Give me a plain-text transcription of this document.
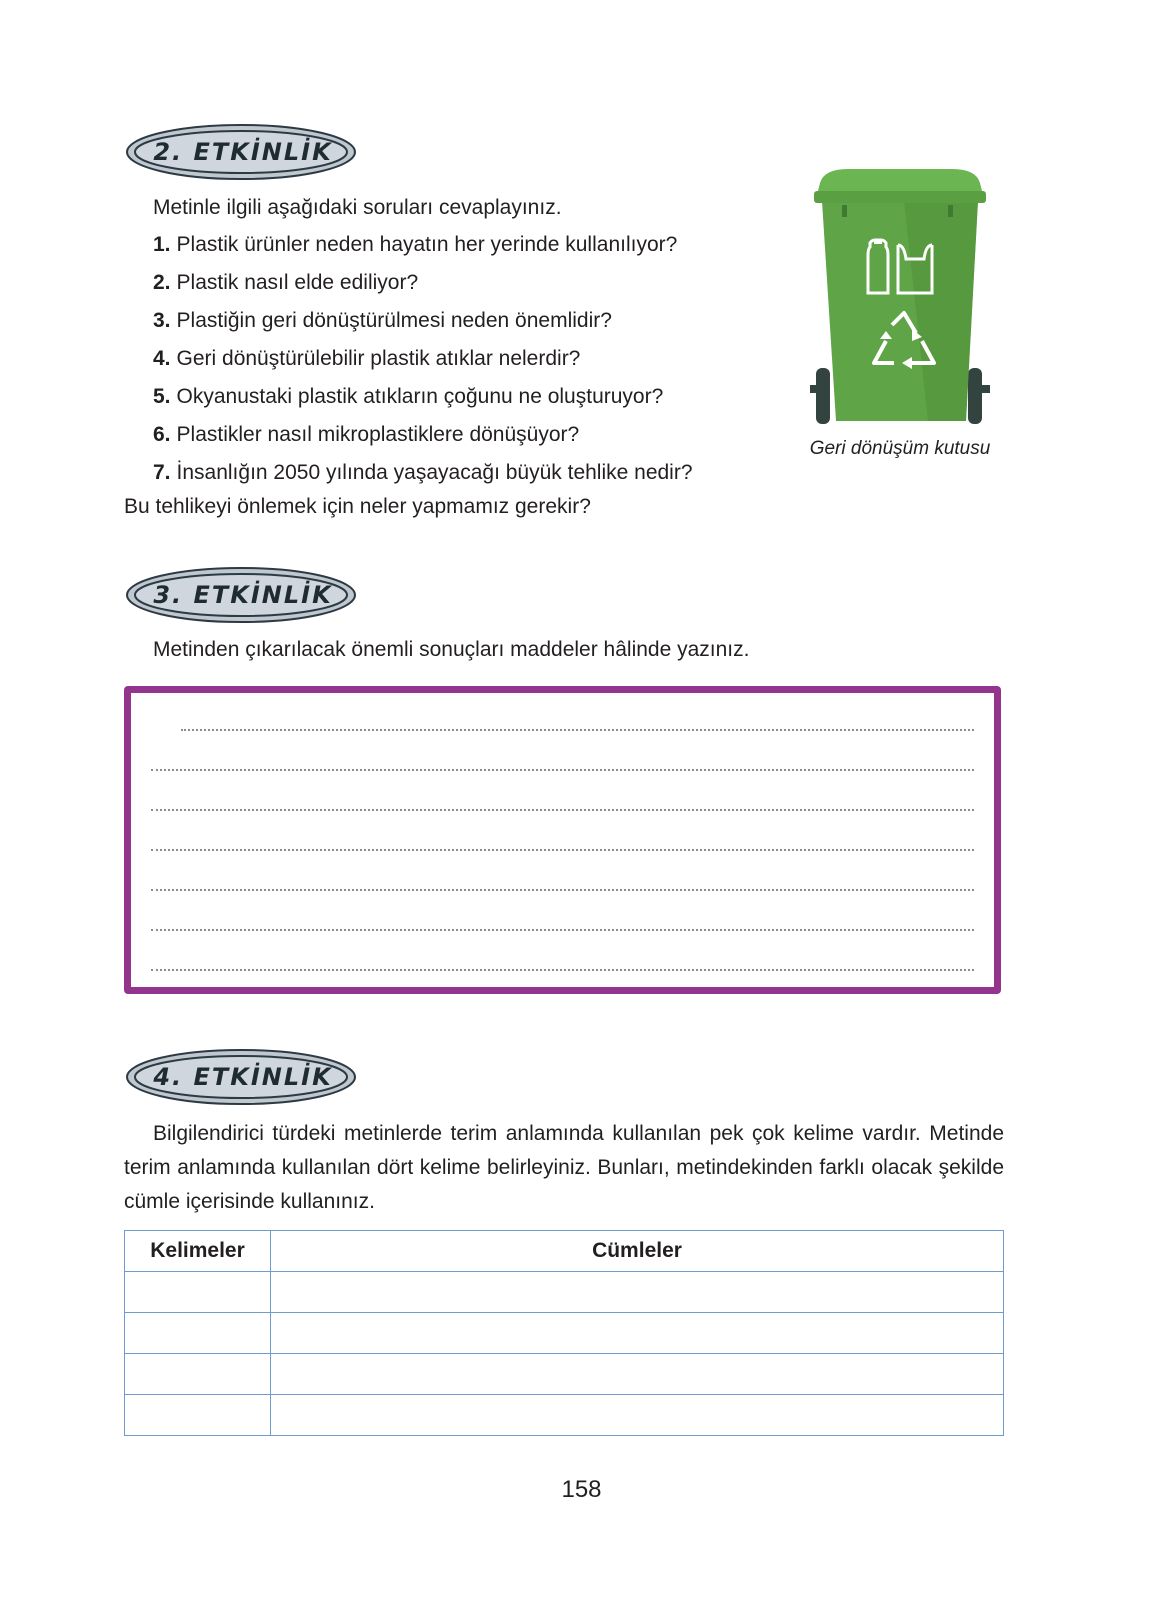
2. ETKİNLİK
Metinle ilgili aşağıdaki soruları cevaplayınız.
1. Plastik ürünler neden hayatın her yerinde kullanılıyor?
2. Plastik nasıl elde ediliyor?
3. Plastiğin geri dönüştürülmesi neden önemlidir?
4. Geri dönüştürülebilir plastik atıklar nelerdir?
5. Okyanustaki plastik atıkların çoğunu ne oluşturuyor?
6. Plastikler nasıl mikroplastiklere dönüşüyor?
7. İnsanlığın 2050 yılında yaşayacağı büyük tehlike nedir?
Bu tehlikeyi önlemek için neler yapmamız gerekir?
Geri dönüşüm kutusu
3. ETKİNLİK
Metinden çıkarılacak önemli sonuçları maddeler hâlinde yazınız.
4. ETKİNLİK
Bilgilendirici türdeki metinlerde terim anlamında kullanılan pek çok kelime vardır. Metinde terim anlamında kullanılan dört kelime belirleyiniz. Bunları, metindekinden farklı olacak şekilde cümle içerisinde kullanınız.
Kelimeler	Cümleler

158
